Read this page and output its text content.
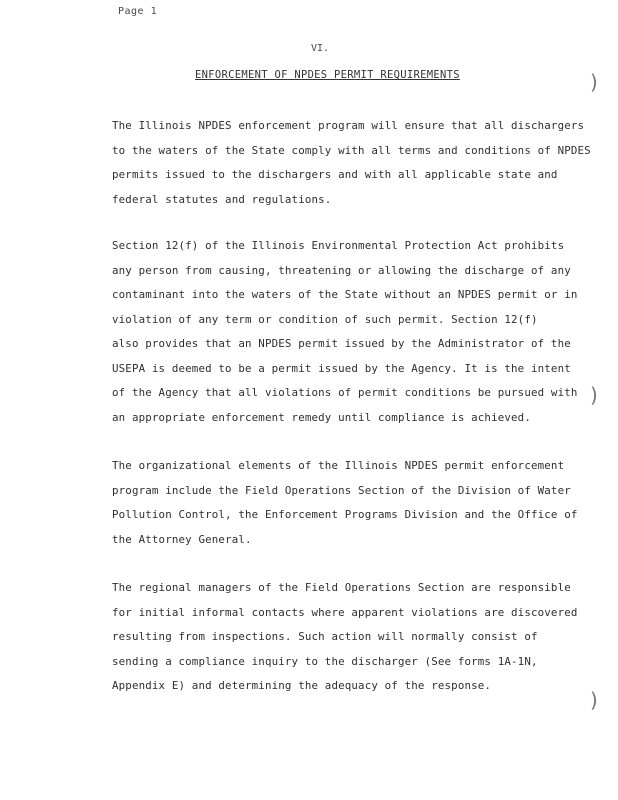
Page 1
VI.
ENFORCEMENT OF NPDES PERMIT REQUIREMENTS
The Illinois NPDES enforcement program will ensure that all dischargers
to the waters of the State comply with all terms and conditions of NPDES
permits issued to the dischargers and with all applicable state and
federal statutes and regulations.
Section 12(f) of the Illinois Environmental Protection Act prohibits
any person from causing, threatening or allowing the discharge of any
contaminant into the waters of the State without an NPDES permit or in
violation of any term or condition of such permit. Section 12(f)
also provides that an NPDES permit issued by the Administrator of the
USEPA is deemed to be a permit issued by the Agency. It is the intent
of the Agency that all violations of permit conditions be pursued with
an appropriate enforcement remedy until compliance is achieved.
The organizational elements of the Illinois NPDES permit enforcement
program include the Field Operations Section of the Division of Water
Pollution Control, the Enforcement Programs Division and the Office of
the Attorney General.
The regional managers of the Field Operations Section are responsible
for initial informal contacts where apparent violations are discovered
resulting from inspections. Such action will normally consist of
sending a compliance inquiry to the discharger (See forms 1A-1N,
Appendix E) and determining the adequacy of the response.
)
)
)
